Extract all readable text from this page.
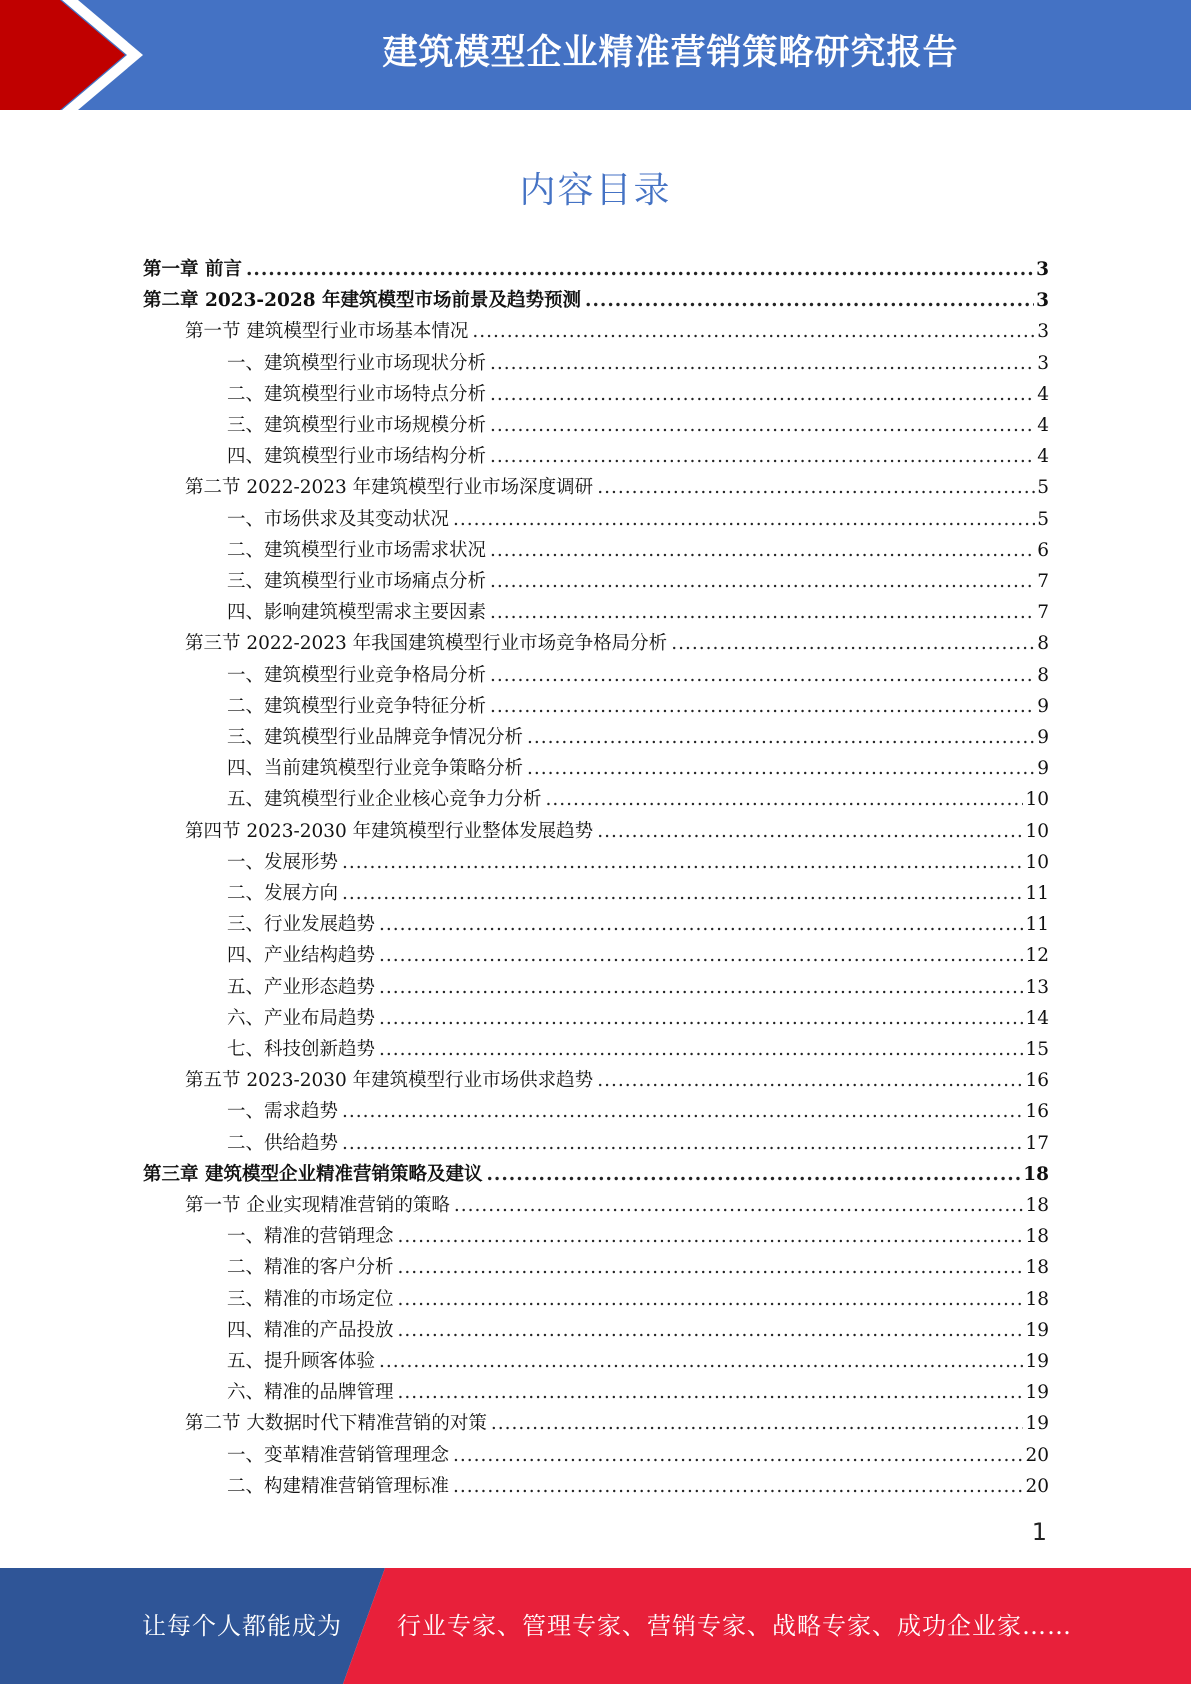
建筑模型企业精准营销策略研究报告
内容目录
第一章 前言 .....	3
第二章 2023-2028 年建筑模型市场前景及趋势预测 .....	3
第一节 建筑模型行业市场基本情况 .....	3
一、建筑模型行业市场现状分析 .....	3
二、建筑模型行业市场特点分析 .....	4
三、建筑模型行业市场规模分析 .....	4
四、建筑模型行业市场结构分析 .....	4
第二节 2022-2023 年建筑模型行业市场深度调研 .....	5
一、市场供求及其变动状况 .....	5
二、建筑模型行业市场需求状况 .....	6
三、建筑模型行业市场痛点分析 .....	7
四、影响建筑模型需求主要因素 .....	7
第三节 2022-2023 年我国建筑模型行业市场竞争格局分析 .....	8
一、建筑模型行业竞争格局分析 .....	8
二、建筑模型行业竞争特征分析 .....	9
三、建筑模型行业品牌竞争情况分析 .....	9
四、当前建筑模型行业竞争策略分析 .....	9
五、建筑模型行业企业核心竞争力分析 .....	10
第四节 2023-2030 年建筑模型行业整体发展趋势 .....	10
一、发展形势 .....	10
二、发展方向 .....	11
三、行业发展趋势 .....	11
四、产业结构趋势 .....	12
五、产业形态趋势 .....	13
六、产业布局趋势 .....	14
七、科技创新趋势 .....	15
第五节 2023-2030 年建筑模型行业市场供求趋势 .....	16
一、需求趋势 .....	16
二、供给趋势 .....	17
第三章 建筑模型企业精准营销策略及建议 .....	18
第一节 企业实现精准营销的策略 .....	18
一、精准的营销理念 .....	18
二、精准的客户分析 .....	18
三、精准的市场定位 .....	18
四、精准的产品投放 .....	19
五、提升顾客体验 .....	19
六、精准的品牌管理 .....	19
第二节 大数据时代下精准营销的对策 .....	19
一、变革精准营销管理理念 .....	20
二、构建精准营销管理标准 .....	20
1
让每个人都能成为 行业专家、管理专家、营销专家、战略专家、成功企业家……
